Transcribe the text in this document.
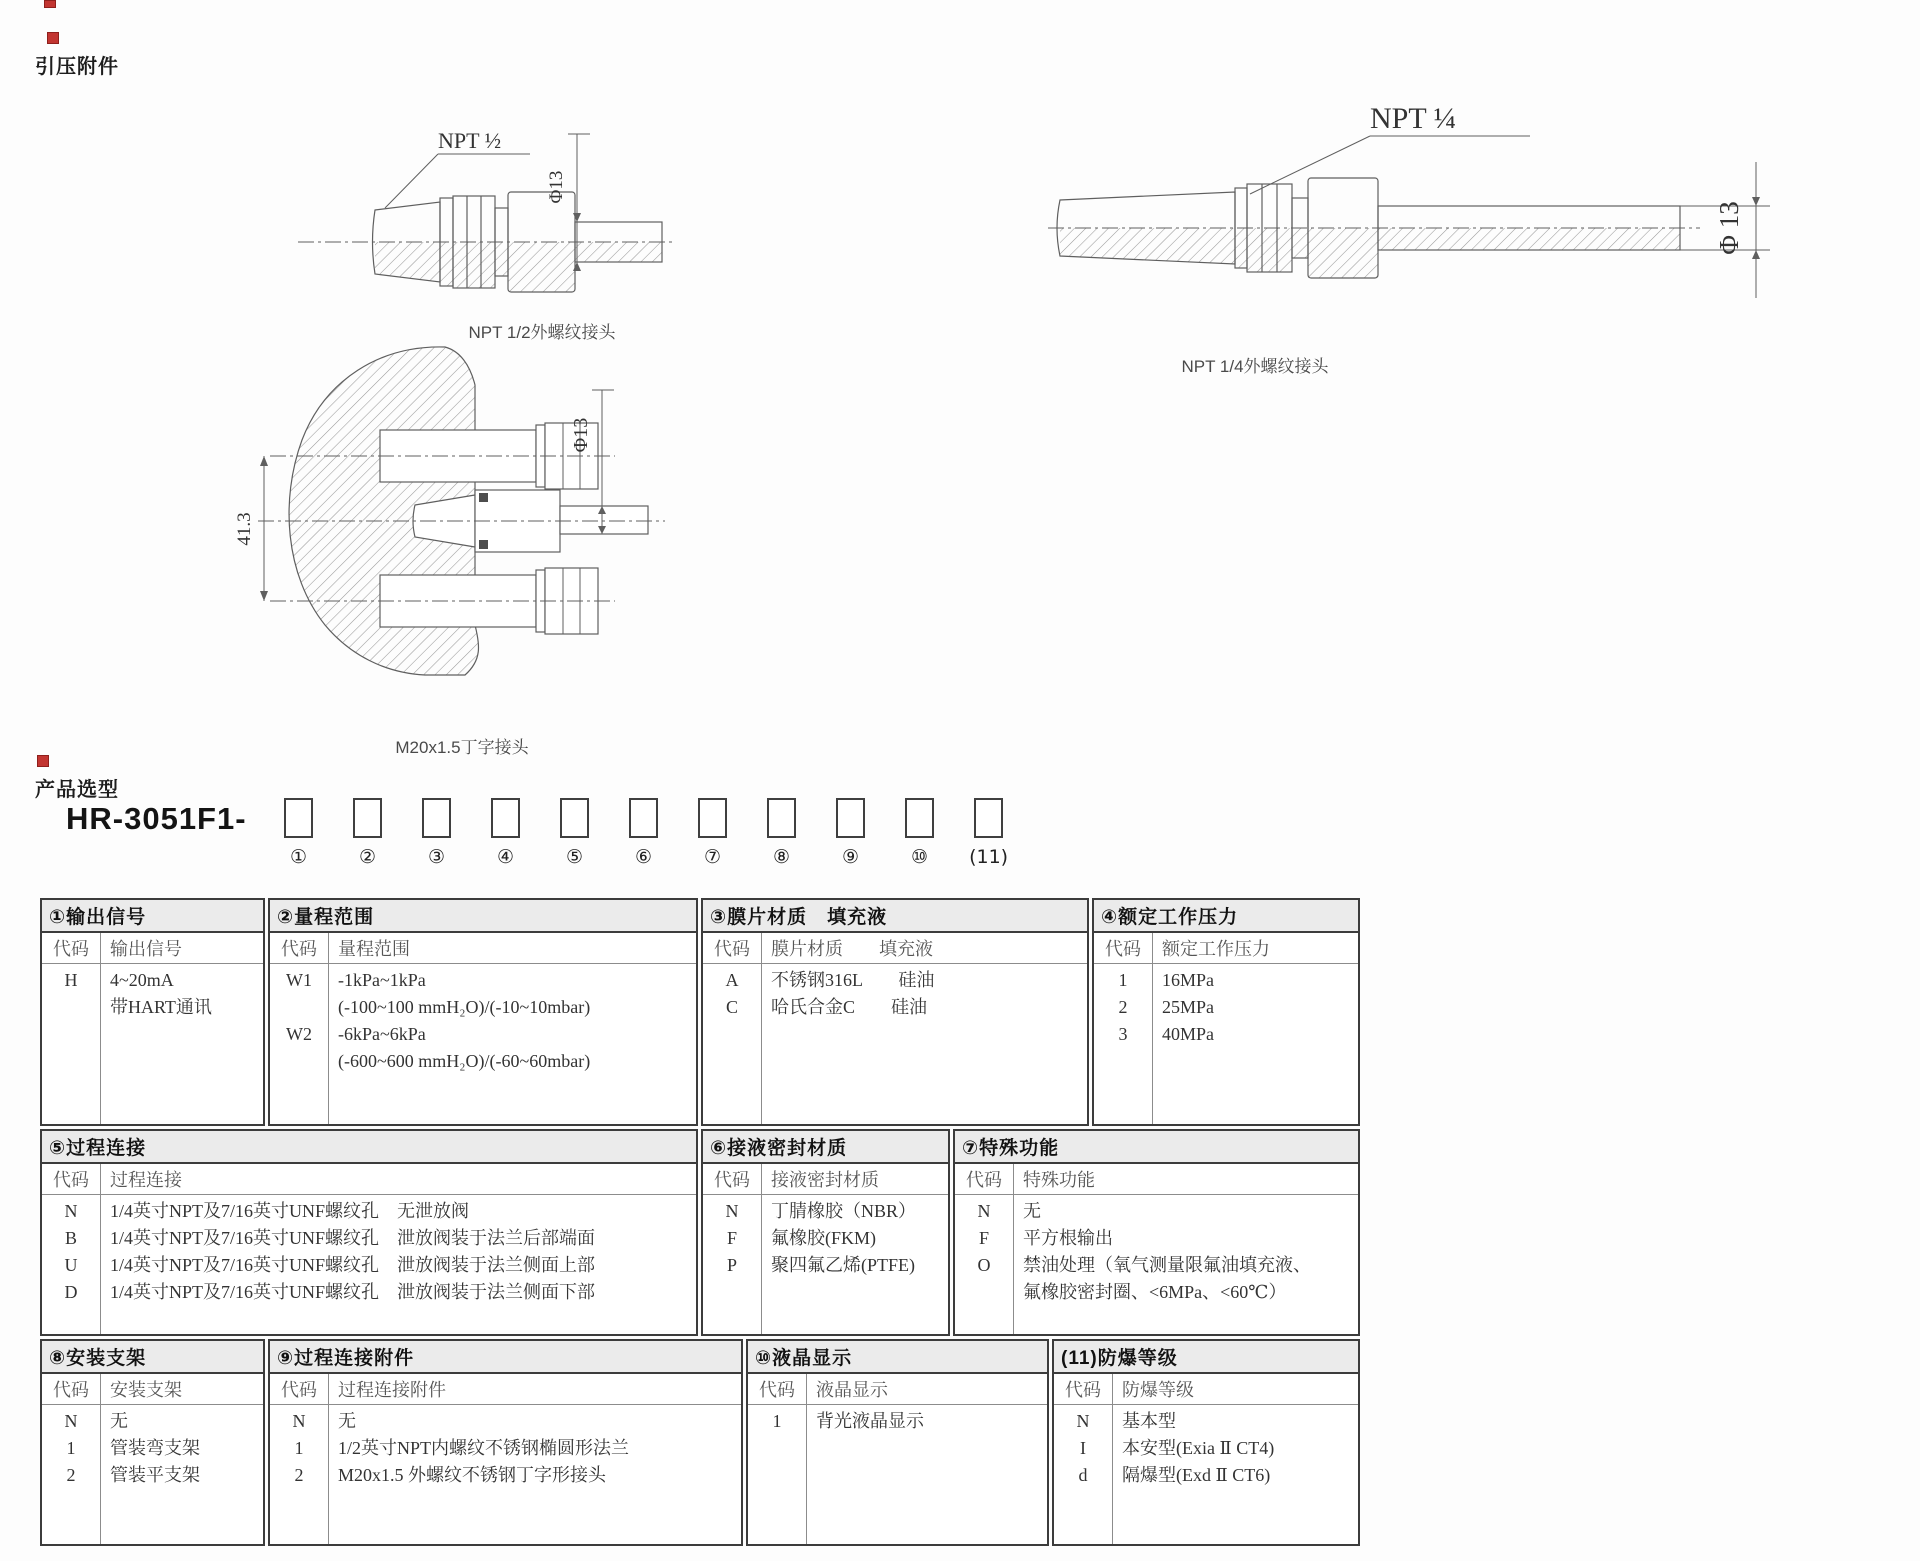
引压附件
NPT ½
Φ13
NPT 1/2外螺纹接头
NPT ¼
Φ 13
NPT 1/4外螺纹接头
41.3
Φ13
M20x1.5丁字接头
产品选型
HR-3051F1-
①	②	③	④	⑤	⑥	⑦	⑧	⑨	⑩ (11)
①输出信号
代码	输出信号
H	4~20mA
带HART通讯
②量程范围
代码	量程范围
W1	-1kPa~1kPa
(-100~100 mmH₂O)/(-10~10mbar)
W2	-6kPa~6kPa
(-600~600 mmH₂O)/(-60~60mbar)
③膜片材质　填充液
代码	膜片材质　　填充液
A	不锈钢316L　　硅油
C	哈氏合金C　　硅油
④额定工作压力
代码	额定工作压力
1	16MPa
2	25MPa
3	40MPa
⑤过程连接
代码	过程连接
N	1/4英寸NPT及7/16英寸UNF螺纹孔　无泄放阀
B	1/4英寸NPT及7/16英寸UNF螺纹孔　泄放阀装于法兰后部端面
U	1/4英寸NPT及7/16英寸UNF螺纹孔　泄放阀装于法兰侧面上部
D	1/4英寸NPT及7/16英寸UNF螺纹孔　泄放阀装于法兰侧面下部
⑥接液密封材质
代码	接液密封材质
N	丁腈橡胶（NBR）
F	氟橡胶(FKM)
P	聚四氟乙烯(PTFE)
⑦特殊功能
代码	特殊功能
N	无
F	平方根输出
O	禁油处理（氧气测量限氟油填充液、
氟橡胶密封圈、<6MPa、<60℃）
⑧安装支架
代码	安装支架
N	无
1	管装弯支架
2	管装平支架
⑨过程连接附件
代码	过程连接附件
N	无
1	1/2英寸NPT内螺纹不锈钢椭圆形法兰
2	M20x1.5 外螺纹不锈钢丁字形接头
⑩液晶显示
代码	液晶显示
1	背光液晶显示
(11)防爆等级
代码	防爆等级
N	基本型
I	本安型(Exia Ⅱ CT4)
d	隔爆型(Exd Ⅱ CT6)
